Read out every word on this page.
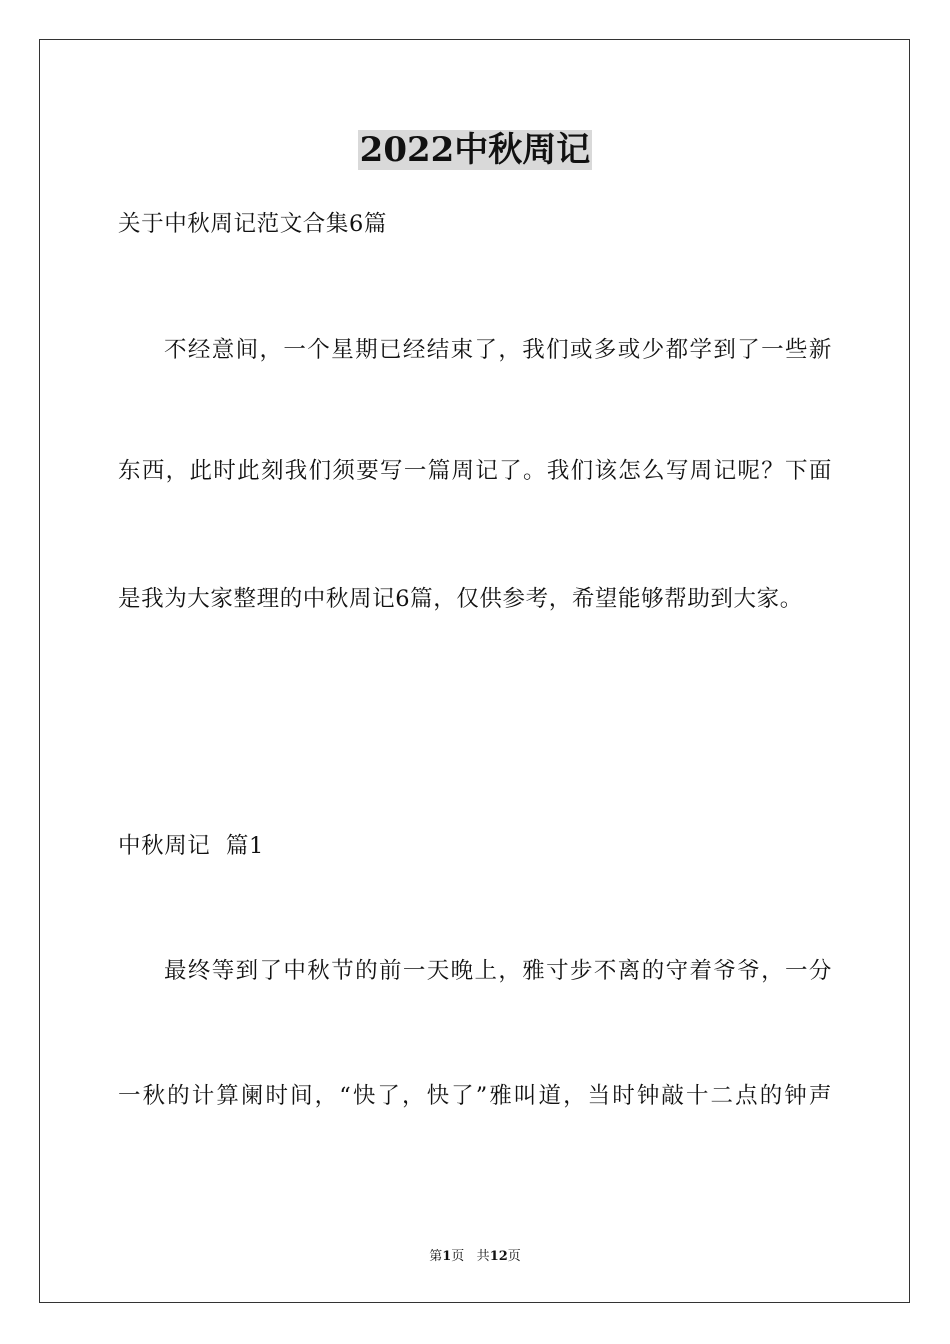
2022中秋周记
关于中秋周记范文合集6篇
不经意间，一个星期已经结束了，我们或多或少都学到了一些新
东西，此时此刻我们须要写一篇周记了。我们该怎么写周记呢？下面
是我为大家整理的中秋周记6篇，仅供参考，希望能够帮助到大家。
中秋周记  篇1
最终等到了中秋节的前一天晚上，雅寸步不离的守着爷爷，一分
一秋的计算阑时间，“快了，快了”雅叫道，当时钟敲十二点的钟声
第1页 共12页
